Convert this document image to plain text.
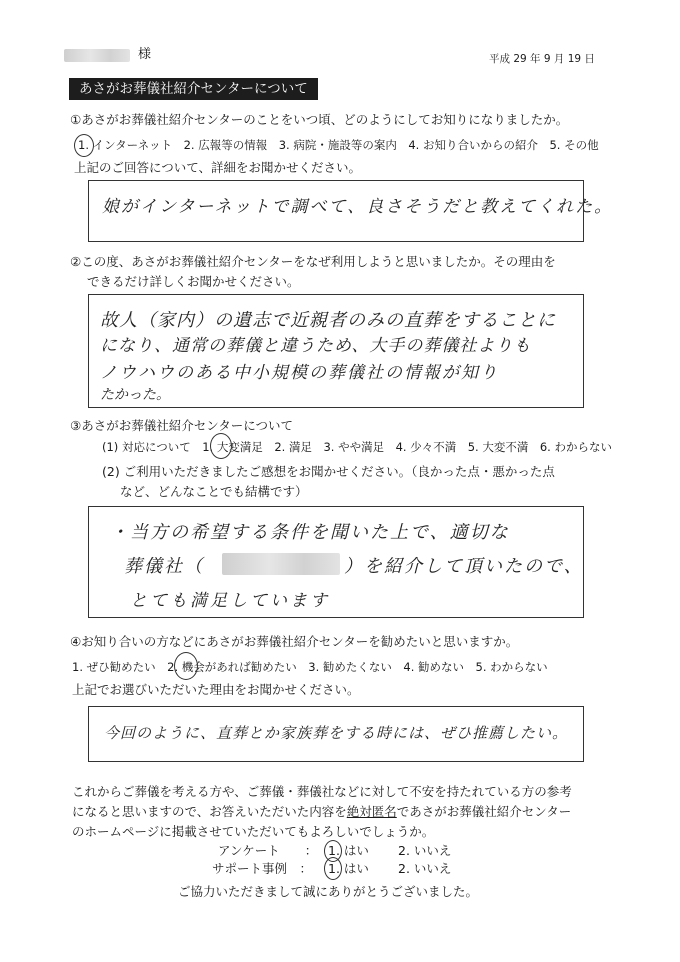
様	平成 29 年 9 月 19 日
あさがお葬儀社紹介センターについて
①あさがお葬儀社紹介センターのことをいつ頃、どのようにしてお知りになりましたか。
1. インターネット　2. 広報等の情報　3. 病院・施設等の案内　4. お知り合いからの紹介　5. その他
上記のご回答について、詳細をお聞かせください。
娘がインターネットで調べて、良さそうだと教えてくれた。
②この度、あさがお葬儀社紹介センターをなぜ利用しようと思いましたか。その理由を
できるだけ詳しくお聞かせください。
故人（家内）の遺志で近親者のみの直葬をすることに
になり、通常の葬儀と違うため、大手の葬儀社よりも
ノウハウのある中小規模の葬儀社の情報が知り
たかった。
③あさがお葬儀社紹介センターについて
(1) 対応について　1. 大変満足　2. 満足　3. やや満足　4. 少々不満　5. 大変不満　6. わからない
(2) ご利用いただきましたご感想をお聞かせください。（良かった点・悪かった点
など、どんなことでも結構です）
・当方の希望する条件を聞いた上で、適切な
葬儀社（	）を紹介して頂いたので、
とても満足しています
④お知り合いの方などにあさがお葬儀社紹介センターを勧めたいと思いますか。
1. ぜひ勧めたい　2. 機会があれば勧めたい　3. 勧めたくない　4. 勧めない　5. わからない
上記でお選びいただいた理由をお聞かせください。
今回のように、直葬とか家族葬をする時には、ぜひ推薦したい。
これからご葬儀を考える方や、ご葬儀・葬儀社などに対して不安を持たれている方の参考
になると思いますので、お答えいただいた内容を絶対匿名であさがお葬儀社紹介センター
のホームページに掲載させていただいてもよろしいでしょうか。
アンケート　　： 1. はい 2. いいえ
サポート事例　： 1. はい 2. いいえ
ご協力いただきまして誠にありがとうございました。
